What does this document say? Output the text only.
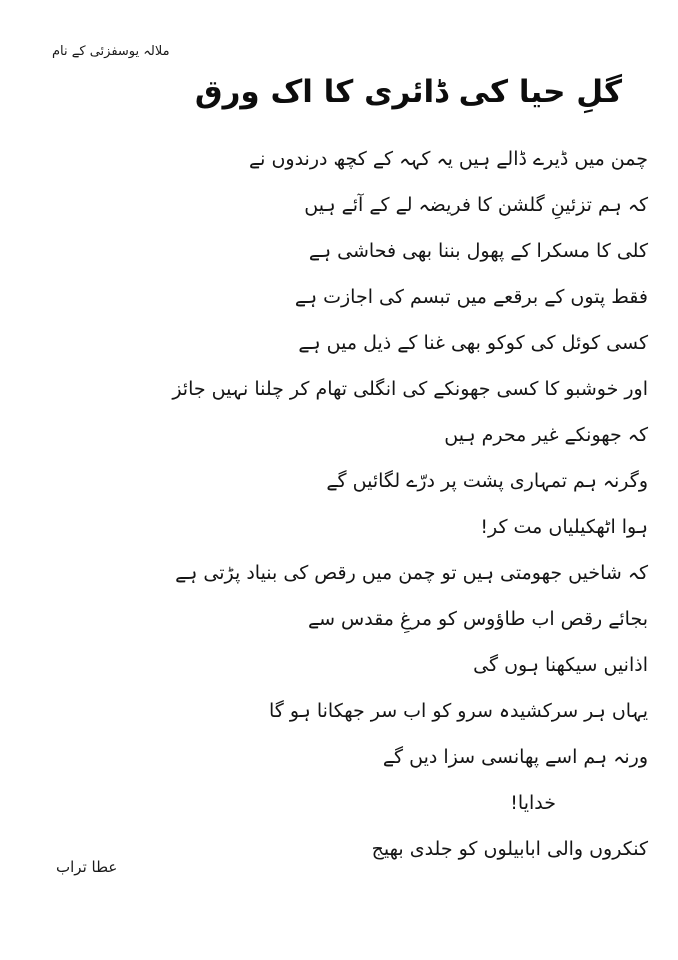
ملالہ یوسفزئی کے نام
گلِ حیا کی ڈائری کا اک ورق
چمن میں ڈیرے ڈالے ہیں یہ کہہ کے کچھ درندوں نے
کہ ہم تزئینِ گلشن کا فریضہ لے کے آئے ہیں
کلی کا مسکرا کے پھول بننا بھی فحاشی ہے
فقط پتوں کے برقعے میں تبسم کی اجازت ہے
کسی کوئل کی کوکو بھی غنا کے ذیل میں ہے
اور خوشبو کا کسی جھونکے کی انگلی تھام کر چلنا نہیں جائز
کہ جھونکے غیر محرم ہیں
وگرنہ ہم تمہاری پشت پر درّے لگائیں گے
ہوا اٹھکیلیاں مت کر!
کہ شاخیں جھومتی ہیں تو چمن میں رقص کی بنیاد پڑتی ہے
بجائے رقص اب طاؤوس کو مرغِ مقدس سے
اذانیں سیکھنا ہوں گی
یہاں ہر سرکشیدہ سرو کو اب سر جھکانا ہو گا
ورنہ ہم اسے پھانسی سزا دیں گے
خدایا!
کنکروں والی ابابیلوں کو جلدی بھیج
عطا تراب
